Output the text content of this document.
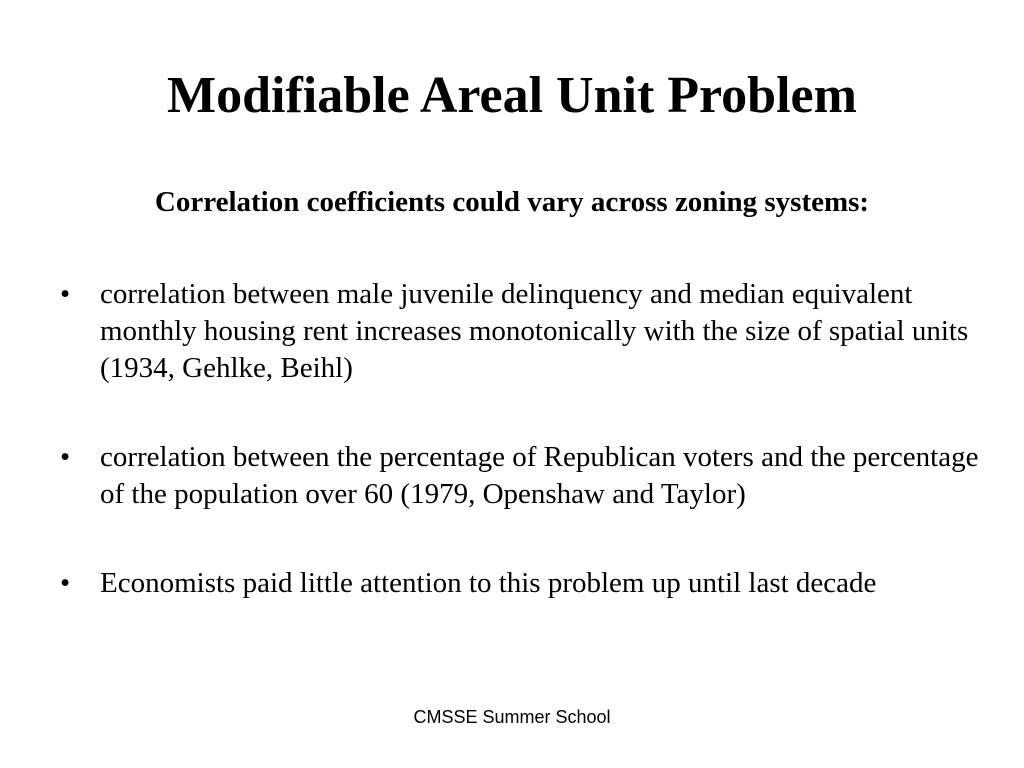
Modifiable Areal Unit Problem

Correlation coefficients could vary across zoning systems:

• correlation between male juvenile delinquency and median equivalent monthly housing rent increases monotonically with the size of spatial units (1934, Gehlke, Beihl)
• correlation between the percentage of Republican voters and the percentage of the population over 60 (1979, Openshaw and Taylor)
• Economists paid little attention to this problem up until last decade
CMSSE Summer School
